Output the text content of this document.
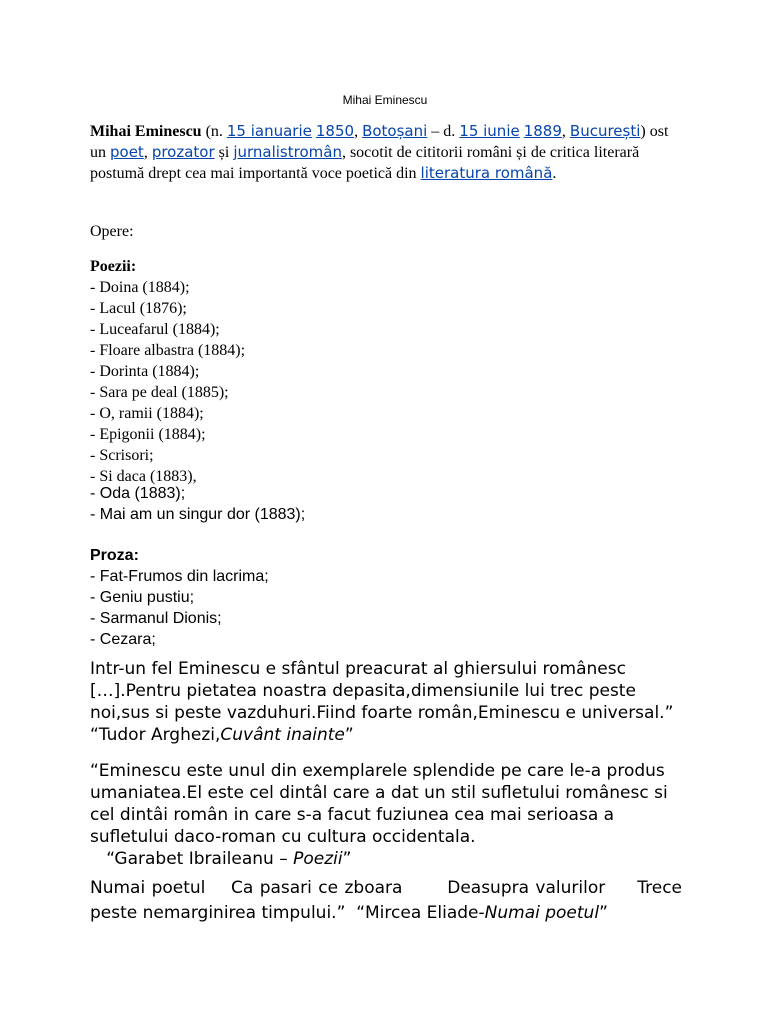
Mihai Eminescu
Mihai Eminescu (n. 15 ianuarie 1850, Botoșani – d. 15 iunie 1889, București) ost un poet, prozator și jurnalistromân, socotit de cititorii români și de critica literară postumă drept cea mai importantă voce poetică din literatura română.
Opere:
Poezii:
- Doina (1884);
- Lacul (1876);
- Luceafarul (1884);
- Floare albastra (1884);
- Dorinta (1884);
- Sara pe deal (1885);
- O, ramii (1884);
- Epigonii (1884);
- Scrisori;
- Si daca (1883),
- Oda (1883);
- Mai am un singur dor (1883);
Proza:
- Fat-Frumos din lacrima;
- Geniu pustiu;
- Sarmanul Dionis;
- Cezara;
Intr-un fel Eminescu e sfântul preacurat al ghiersului românesc […].Pentru pietatea noastra depasita,dimensiunile lui trec peste noi,sus si peste vazduhuri.Fiind foarte român,Eminescu e universal.” “Tudor Arghezi,Cuvânt inainte”
“Eminescu este unul din exemplarele splendide pe care le-a produs umaniatea.El este cel dintâl care a dat un stil sufletului românesc si cel dintâi român in care s-a facut fuziunea cea mai serioasa a sufletului daco-roman cu cultura occidentala.
“Garabet Ibraileanu – Poezii”
Numai poetul    Ca pasari ce zboara       Deasupra valurilor     Trece peste nemarginirea timpului.”  “Mircea Eliade-Numai poetul”
